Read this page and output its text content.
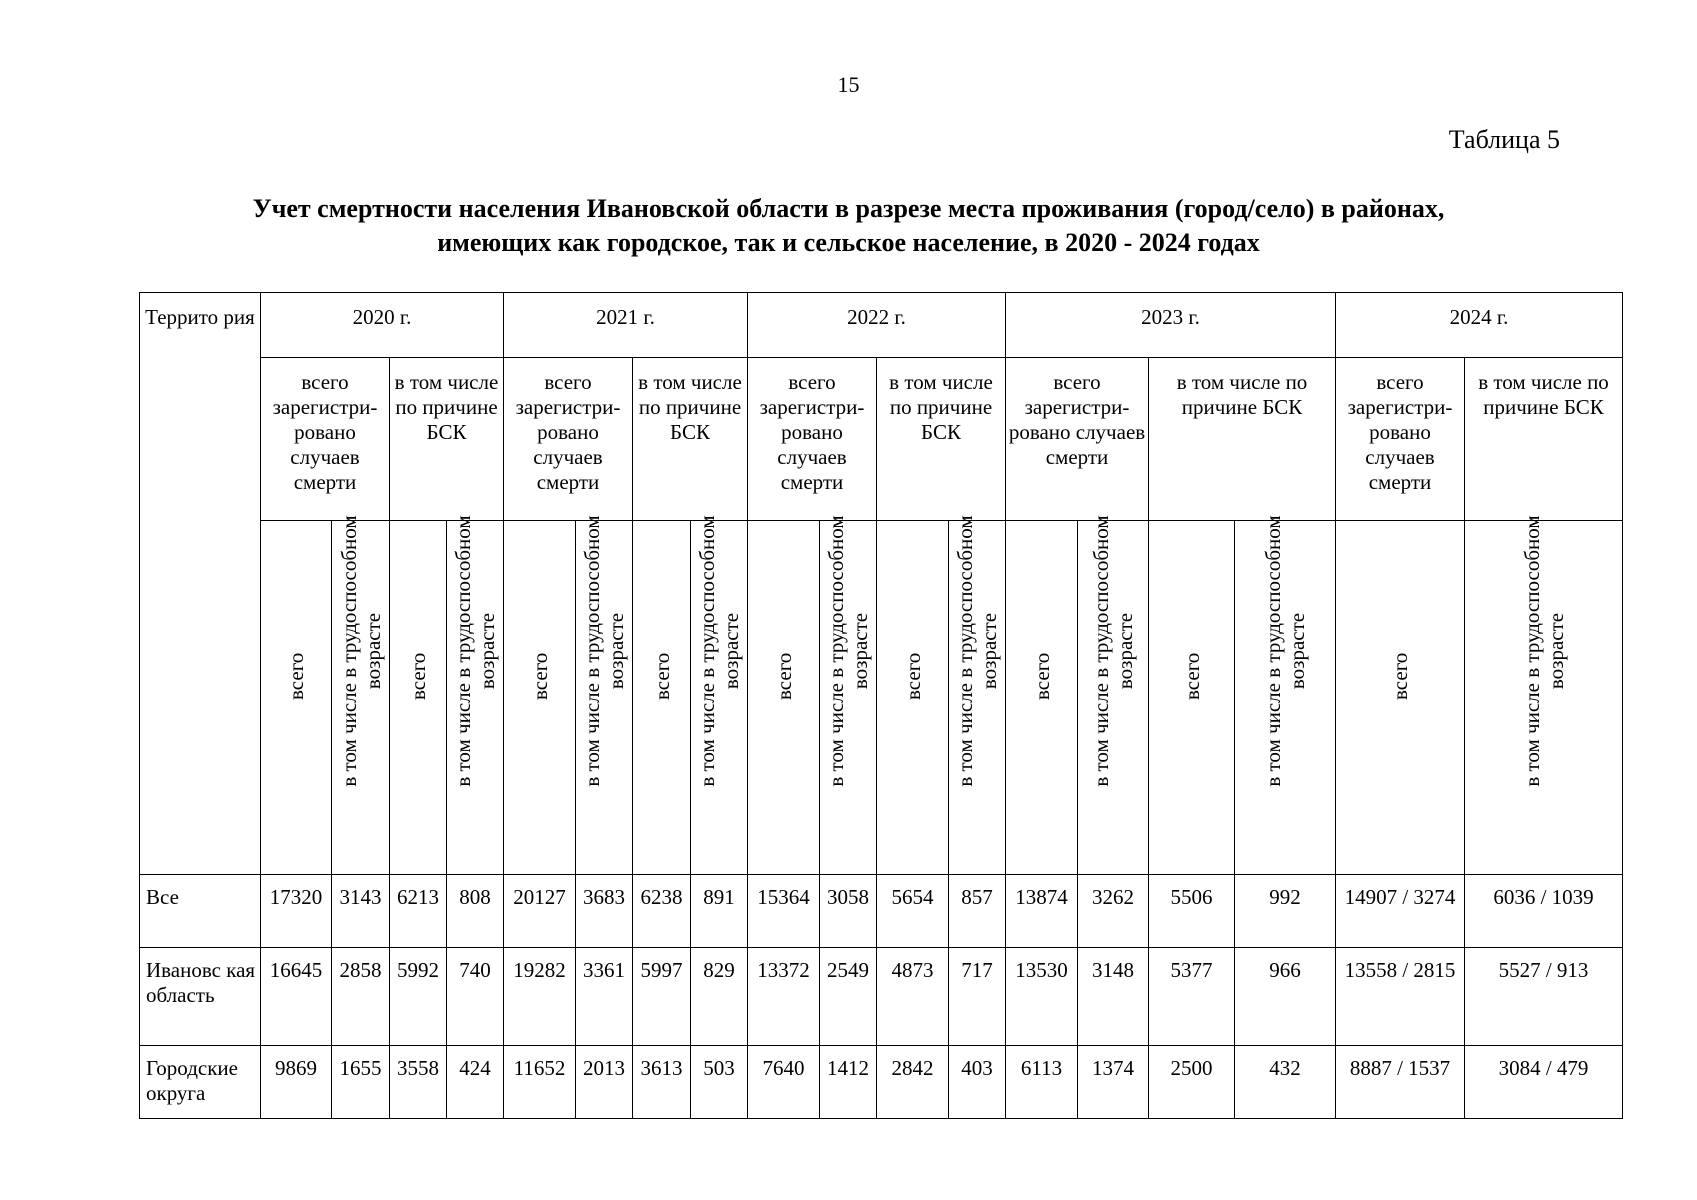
15
Таблица 5
Учет смертности населения Ивановской области в разрезе места проживания (город/село) в районах,
имеющих как городское, так и сельское население, в 2020 - 2024 годах
Террито рия	2020 г.				2021 г.				2022 г.				2023 г.				2024 г.	
	всего зарегистри-ровано случаев смерти		в том числе по причине БСК		всего зарегистри-ровано случаев смерти		в том числе по причине БСК		всего зарегистри-ровано случаев смерти		в том числе по причине БСК		всего зарегистри-ровано случаев смерти		в том числе по причине БСК		всего зарегистри-ровано случаев смерти	в том числе по причине БСК

	всего	в том числе в трудоспособном возрасте	всего	в том числе в трудоспособном возрасте	всего	в том числе в трудоспособном возрасте	всего	в том числе в трудоспособном возрасте	всего	в том числе в трудоспособном возрасте	всего	в том числе в трудоспособном возрасте	всего	в том числе в трудоспособном возрасте	всего	в том числе в трудоспособном возрасте	всего	в том числе в трудоспособном возрасте

Все	17320	3143	6213	808	20127	3683	6238	891	15364	3058	5654	857	13874	3262	5506	992	14907 / 3274	6036 / 1039
Ивановс кая область	16645	2858	5992	740	19282	3361	5997	829	13372	2549	4873	717	13530	3148	5377	966	13558 / 2815	5527 / 913
Городские округа	9869	1655	3558	424	11652	2013	3613	503	7640	1412	2842	403	6113	1374	2500	432	8887 / 1537	3084 / 479
